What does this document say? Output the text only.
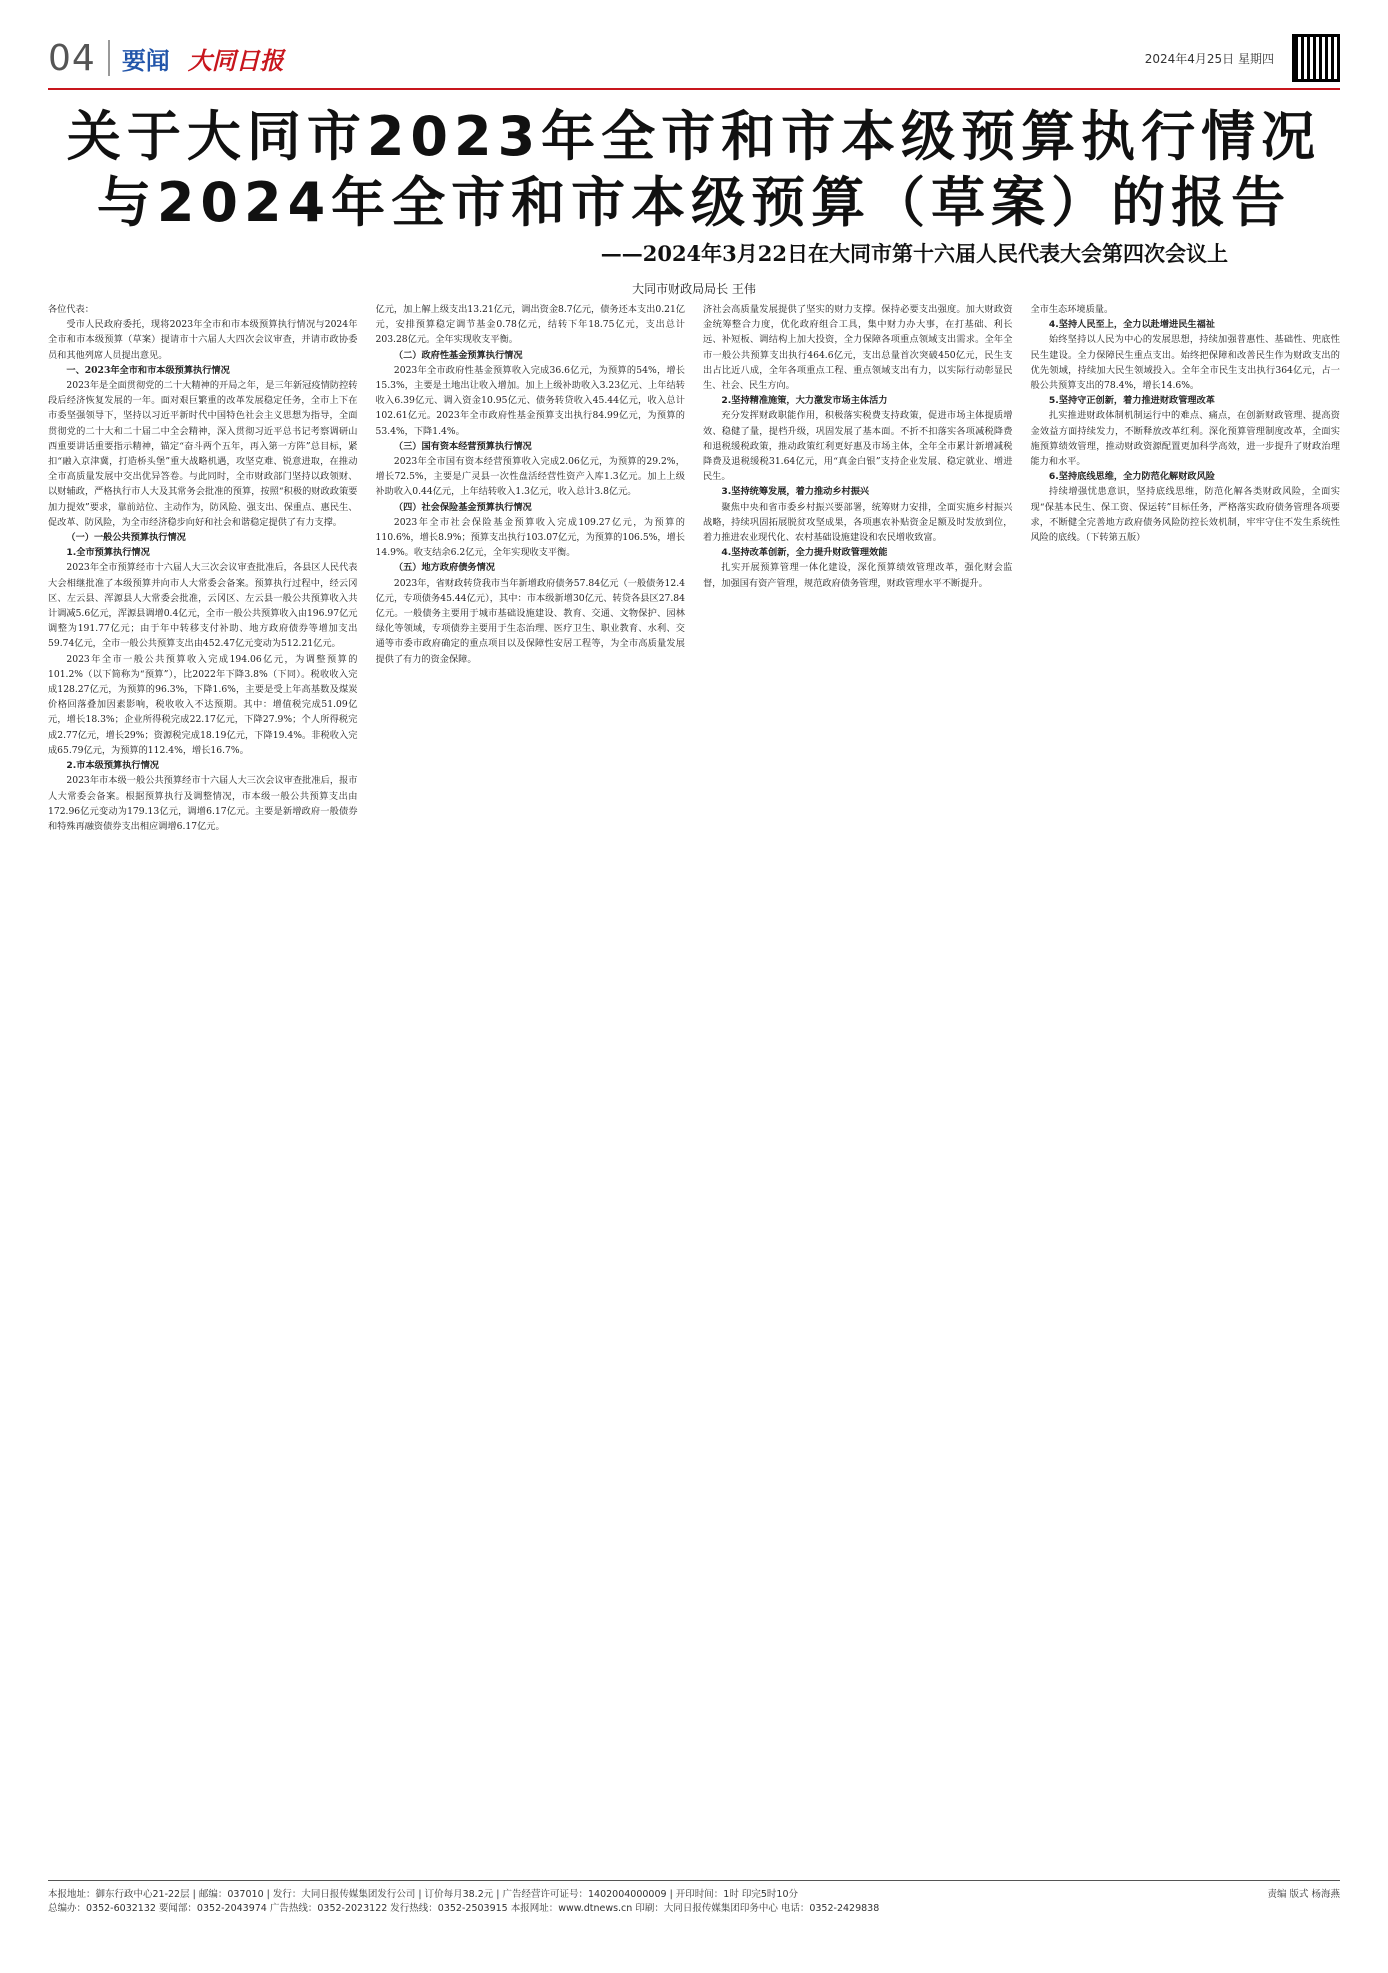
04 要闻 大同日报	2024年4月25日 星期四
关于大同市2023年全市和市本级预算执行情况
与2024年全市和市本级预算（草案）的报告
——2024年3月22日在大同市第十六届人民代表大会第四次会议上
大同市财政局局长 王伟

各位代表：

受市人民政府委托，现将2023年全市和市本级预算执行情况与2024年全市和市本级预算（草案）提请市十六届人大四次会议审查，并请市政协委员和其他列席人员提出意见。

一、2023年全市和市本级预算执行情况

2023年是全面贯彻党的二十大精神的开局之年，是三年新冠疫情防控转段后经济恢复发展的一年。面对艰巨繁重的改革发展稳定任务，全市上下在市委坚强领导下，坚持以习近平新时代中国特色社会主义思想为指导，全面贯彻党的二十大和二十届二中全会精神，深入贯彻习近平总书记考察调研山西重要讲话重要指示精神，锚定“奋斗两个五年，再入第一方阵”总目标，紧扣“融入京津冀，打造桥头堡”重大战略机遇，攻坚克难、锐意进取，在推动全市高质量发展中交出优异答卷。与此同时，全市财政部门坚持以政领财、以财辅政，严格执行市人大及其常务会批准的预算，按照“积极的财政政策要加力提效”要求，靠前站位、主动作为，防风险、强支出、保重点、惠民生、促改革、防风险，为全市经济稳步向好和社会和谐稳定提供了有力支撑。

（一）一般公共预算执行情况

1.全市预算执行情况

2023年全市预算经市十六届人大三次会议审查批准后，各县区人民代表大会相继批准了本级预算并向市人大常委会备案。预算执行过程中，经云冈区、左云县、浑源县人大常委会批准，云冈区、左云县一般公共预算收入共计调减5.6亿元，浑源县调增0.4亿元，全市一般公共预算收入由196.97亿元调整为191.77亿元；由于年中转移支付补助、地方政府债券等增加支出59.74亿元，全市一般公共预算支出由452.47亿元变动为512.21亿元。

2023年全市一般公共预算收入完成194.06亿元，为调整预算的101.2%（以下简称为“预算”），比2022年下降3.8%（下同）。税收收入完成128.27亿元，为预算的96.3%，下降1.6%，主要是受上年高基数及煤炭价格回落叠加因素影响，税收收入不达预期。其中：增值税完成51.09亿元，增长18.3%；企业所得税完成22.17亿元，下降27.9%；个人所得税完成2.77亿元，增长29%；资源税完成18.19亿元，下降19.4%。非税收入完成65.79亿元，为预算的112.4%，增长16.7%。

2.市本级预算执行情况

2023年市本级一般公共预算经市十六届人大三次会议审查批准后，报市人大常委会备案。根据预算执行及调整情况，市本级一般公共预算支出由172.96亿元变动为179.13亿元，调增6.17亿元。主要是新增政府一般债券和特殊再融资债券支出相应调增6.17亿元。

亿元，加上解上级支出13.21亿元，调出资金8.7亿元，债务还本支出0.21亿元，安排预算稳定调节基金0.78亿元，结转下年18.75亿元，支出总计203.28亿元。全年实现收支平衡。

（二）政府性基金预算执行情况

2023年全市政府性基金预算收入完成36.6亿元，为预算的54%，增长15.3%，主要是土地出让收入增加。加上上级补助收入3.23亿元、上年结转收入6.39亿元、调入资金10.95亿元、债务转贷收入45.44亿元，收入总计102.61亿元。2023年全市政府性基金预算支出执行84.99亿元，为预算的53.4%，下降1.4%。

（三）国有资本经营预算执行情况

2023年全市国有资本经营预算收入完成2.06亿元，为预算的29.2%，增长72.5%，主要是广灵县一次性盘活经营性资产入库1.3亿元。加上上级补助收入0.44亿元，上年结转收入1.3亿元，收入总计3.8亿元。

（四）社会保险基金预算执行情况

2023年全市社会保险基金预算收入完成109.27亿元，为预算的110.6%，增长8.9%；预算支出执行103.07亿元，为预算的106.5%，增长14.9%。收支结余6.2亿元，全年实现收支平衡。

（五）地方政府债务情况

2023年，省财政转贷我市当年新增政府债务57.84亿元（一般债务12.4亿元，专项债务45.44亿元），其中：市本级新增30亿元、转贷各县区27.84亿元。一般债务主要用于城市基础设施建设、教育、交通、文物保护、园林绿化等领域，专项债券主要用于生态治理、医疗卫生、职业教育、水利、交通等市委市政府确定的重点项目以及保障性安居工程等，为全市高质量发展提供了有力的资金保障。

济社会高质量发展提供了坚实的财力支撑。保持必要支出强度。加大财政资金统筹整合力度，优化政府组合工具，集中财力办大事，在打基础、利长远、补短板、调结构上加大投资，全力保障各项重点领域支出需求。全年全市一般公共预算支出执行464.6亿元，支出总量首次突破450亿元，民生支出占比近八成，全年各项重点工程、重点领域支出有力，以实际行动彰显民生、社会、民生方向。

2.坚持精准施策，大力激发市场主体活力

充分发挥财政职能作用，积极落实税费支持政策，促进市场主体提质增效、稳健了量，提档升级，巩固发展了基本面。不折不扣落实各项减税降费和退税缓税政策，推动政策红利更好惠及市场主体，全年全市累计新增减税降费及退税缓税31.64亿元，用“真金白银”支持企业发展、稳定就业、增进民生。

3.坚持统筹发展，着力推动乡村振兴

聚焦中央和省市委乡村振兴要部署，统筹财力安排，全面实施乡村振兴战略，持续巩固拓展脱贫攻坚成果，各项惠农补贴资金足额及时发放到位，着力推进农业现代化、农村基础设施建设和农民增收致富。

4.坚持改革创新，全力提升财政管理效能

扎实开展预算管理一体化建设，深化预算绩效管理改革，强化财会监督，加强国有资产管理，规范政府债务管理，财政管理水平不断提升。

全市生态环境质量。

4.坚持人民至上，全力以赴增进民生福祉

始终坚持以人民为中心的发展思想，持续加强普惠性、基础性、兜底性民生建设。全力保障民生重点支出。始终把保障和改善民生作为财政支出的优先领域，持续加大民生领域投入。全年全市民生支出执行364亿元，占一般公共预算支出的78.4%，增长14.6%。

5.坚持守正创新，着力推进财政管理改革

扎实推进财政体制机制运行中的难点、痛点，在创新财政管理、提高资金效益方面持续发力，不断释放改革红利。深化预算管理制度改革，全面实施预算绩效管理，推动财政资源配置更加科学高效，进一步提升了财政治理能力和水平。

6.坚持底线思维，全力防范化解财政风险

持续增强忧患意识，坚持底线思维，防范化解各类财政风险，全面实现“保基本民生、保工资、保运转”目标任务，严格落实政府债务管理各项要求，不断健全完善地方政府债务风险防控长效机制，牢牢守住不发生系统性风险的底线。（下转第五版）

本报地址：御东行政中心21-22层 | 邮编：037010 | 发行：大同日报传媒集团发行公司 | 订价每月38.2元 | 广告经营许可证号：1402004000009 | 开印时间：1时 印完5时10分
总编办：0352-6032132 要闻部：0352-2043974 广告热线：0352-2023122 发行热线：0352-2503915 本报网址：www.dtnews.cn 印刷：大同日报传媒集团印务中心 电话：0352-2429838
责编 版式 杨海燕
